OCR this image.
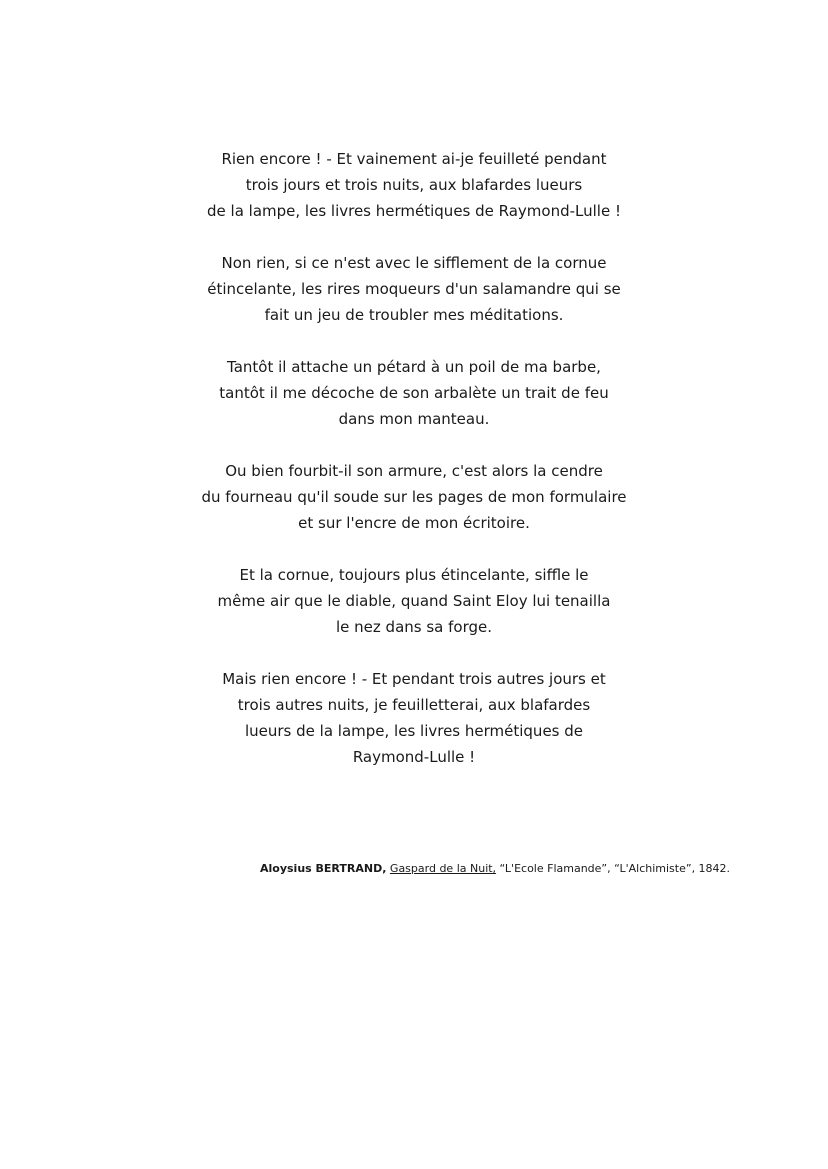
Rien encore ! - Et vainement ai-je feuilleté pendant
trois jours et trois nuits, aux blafardes lueurs
de la lampe, les livres hermétiques de Raymond-Lulle !
Non rien, si ce n'est avec le sifflement de la cornue
étincelante, les rires moqueurs d'un salamandre qui se
fait un jeu de troubler mes méditations.
Tantôt il attache un pétard à un poil de ma barbe,
tantôt il me décoche de son arbalète un trait de feu
dans mon manteau.
Ou bien fourbit-il son armure, c'est alors la cendre
du fourneau qu'il soude sur les pages de mon formulaire
et sur l'encre de mon écritoire.
Et la cornue, toujours plus étincelante, siffle le
même air que le diable, quand Saint Eloy lui tenailla
le nez dans sa forge.
Mais rien encore ! - Et pendant trois autres jours et
trois autres nuits, je feuilletterai, aux blafardes
lueurs de la lampe, les livres hermétiques de
Raymond-Lulle !
Aloysius BERTRAND, Gaspard de la Nuit, “L'Ecole Flamande”, “L'Alchimiste”, 1842.
